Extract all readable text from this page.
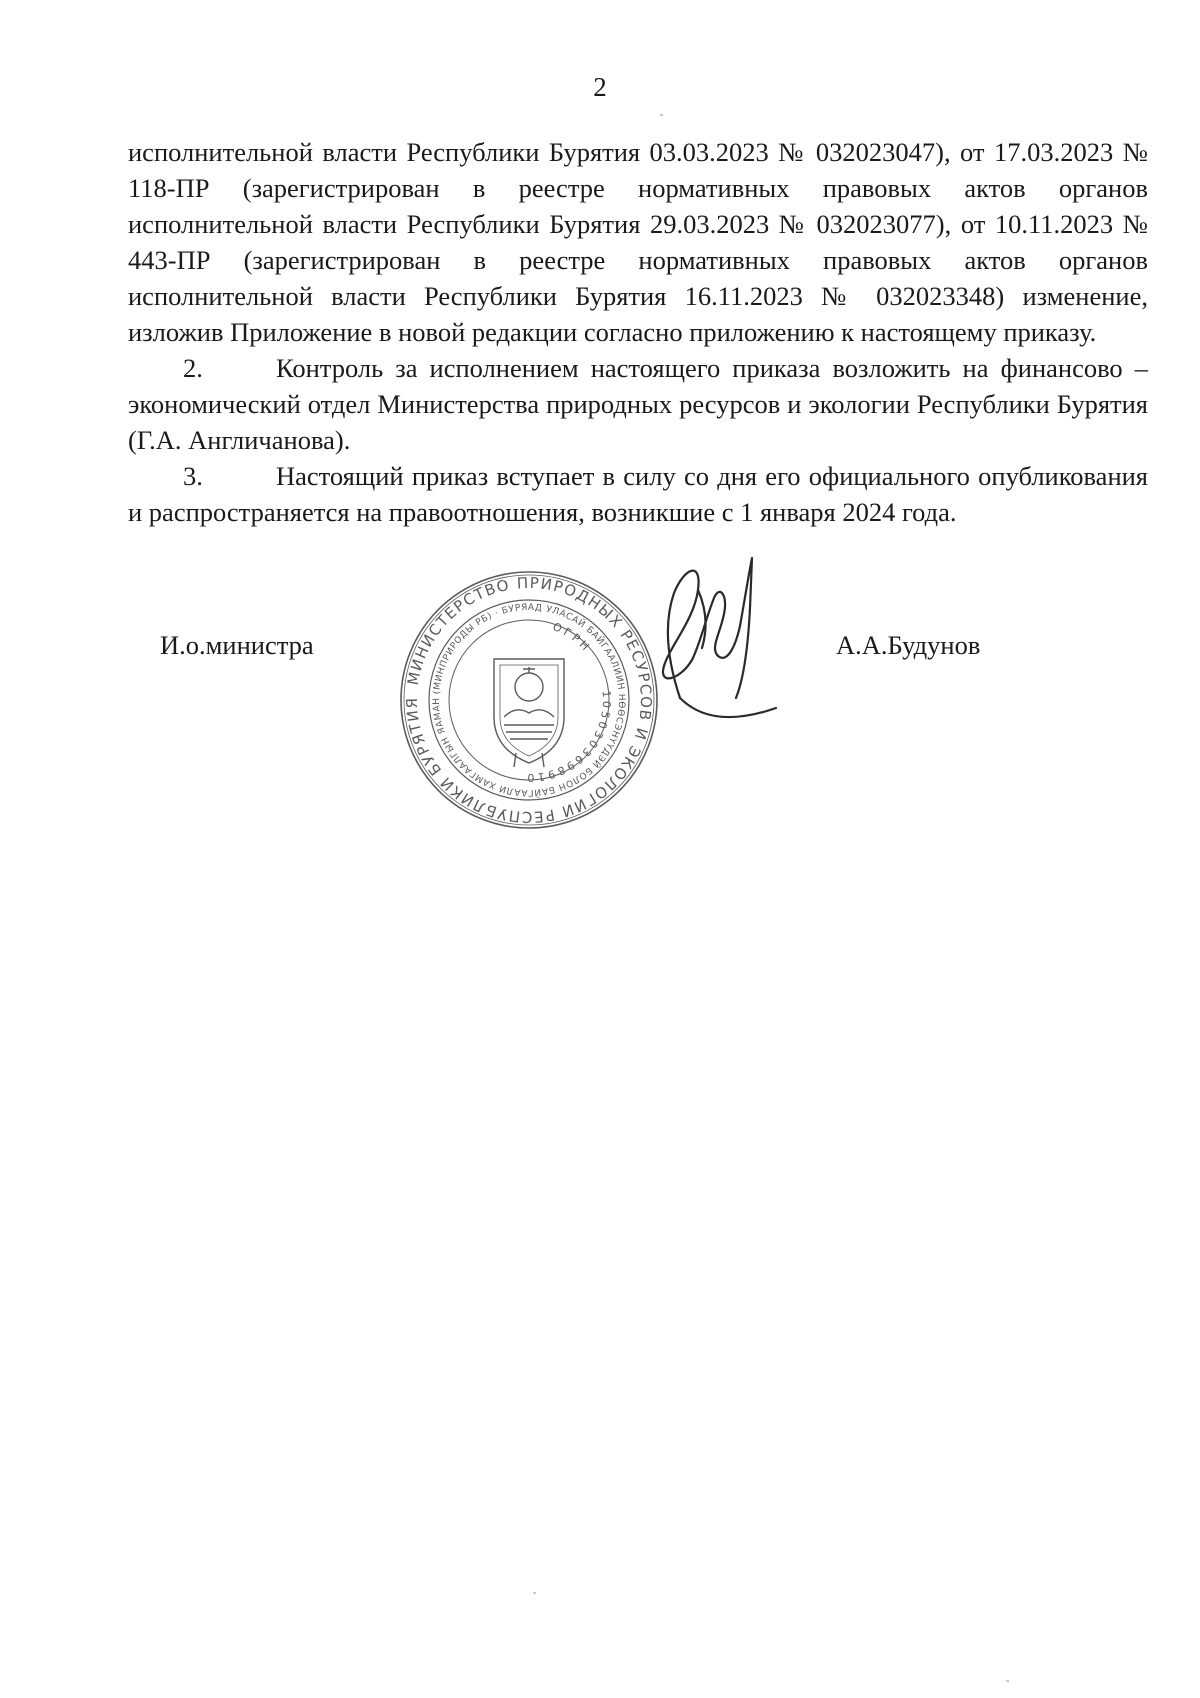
2

исполнительной власти Республики Бурятия 03.03.2023 № 032023047), от 17.03.2023 № 118-ПР (зарегистрирован в реестре нормативных правовых актов органов исполнительной власти Республики Бурятия 29.03.2023 № 032023077), от 10.11.2023 № 443-ПР (зарегистрирован в реестре нормативных правовых актов органов исполнительной власти Республики Бурятия 16.11.2023 № 032023348) изменение, изложив Приложение в новой редакции согласно приложению к настоящему приказу.

2.	Контроль за исполнением настоящего приказа возложить на финансово – экономический отдел Министерства природных ресурсов и экологии Республики Бурятия (Г.А. Англичанова).

3.	Настоящий приказ вступает в силу со дня его официального опубликования и распространяется на правоотношения, возникшие с 1 января 2024 года.

И.о.министра	А.А.Будунов
МИНИСТЕРСТВО ПРИРОДНЫХ РЕСУРСОВ И ЭКОЛОГИИ РЕСПУБЛИКИ БУРЯТИЯ
(МИНПРИРОДЫ РБ) · БУРЯАД УЛАСАЙ БАЙГААЛИИН НӨӨСЭНҮҮДЭЙ БОЛОН БАЙГААЛИ ХАМГААЛГЫН ЯАМАН
ОГРН
1050303698910
